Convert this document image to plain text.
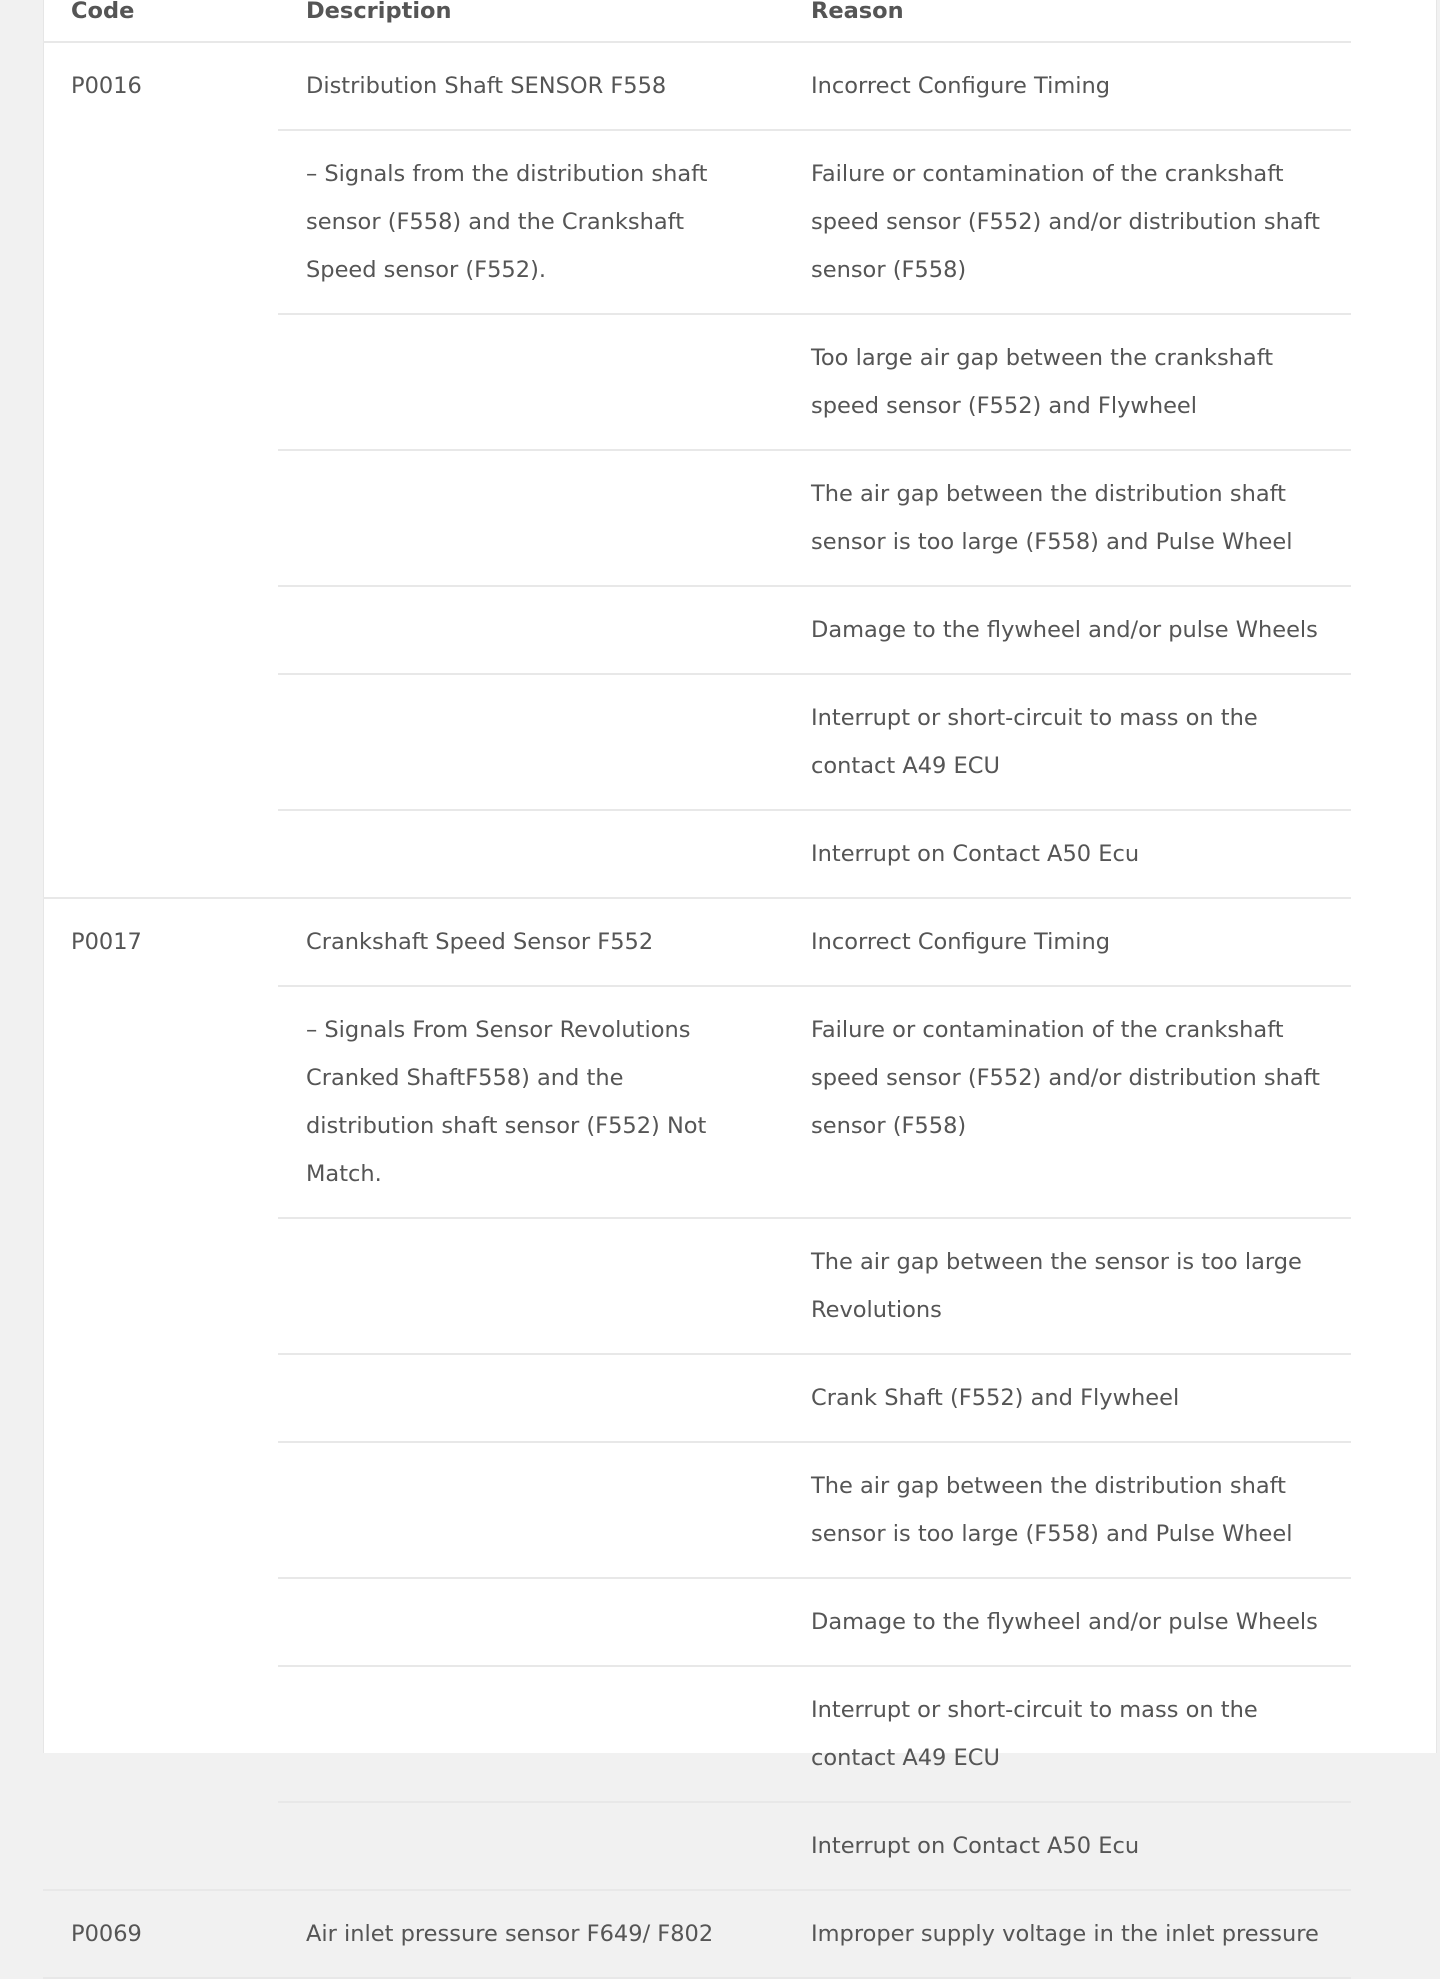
Code	Description	Reason
P0016	Distribution Shaft SENSOR F558	Incorrect Configure Timing
	– Signals from the distribution shaft sensor (F558) and the Crankshaft Speed sensor (F552).	Failure or contamination of the crankshaft speed sensor (F552) and/or distribution shaft sensor (F558)
		Too large air gap between the crankshaft speed sensor (F552) and Flywheel
		The air gap between the distribution shaft sensor is too large (F558) and Pulse Wheel
		Damage to the flywheel and/or pulse Wheels
		Interrupt or short-circuit to mass on the contact A49 ECU
		Interrupt on Contact A50 Ecu
P0017	Crankshaft Speed Sensor F552	Incorrect Configure Timing
	– Signals From Sensor Revolutions Cranked ShaftF558) and the distribution shaft sensor (F552) Not Match.	Failure or contamination of the crankshaft speed sensor (F552) and/or distribution shaft sensor (F558)
		The air gap between the sensor is too large Revolutions
		Crank Shaft (F552) and Flywheel
		The air gap between the distribution shaft sensor is too large (F558) and Pulse Wheel
		Damage to the flywheel and/or pulse Wheels
		Interrupt or short-circuit to mass on the contact A49 ECU
		Interrupt on Contact A50 Ecu
P0069	Air inlet pressure sensor F649/ F802	Improper supply voltage in the inlet pressure
